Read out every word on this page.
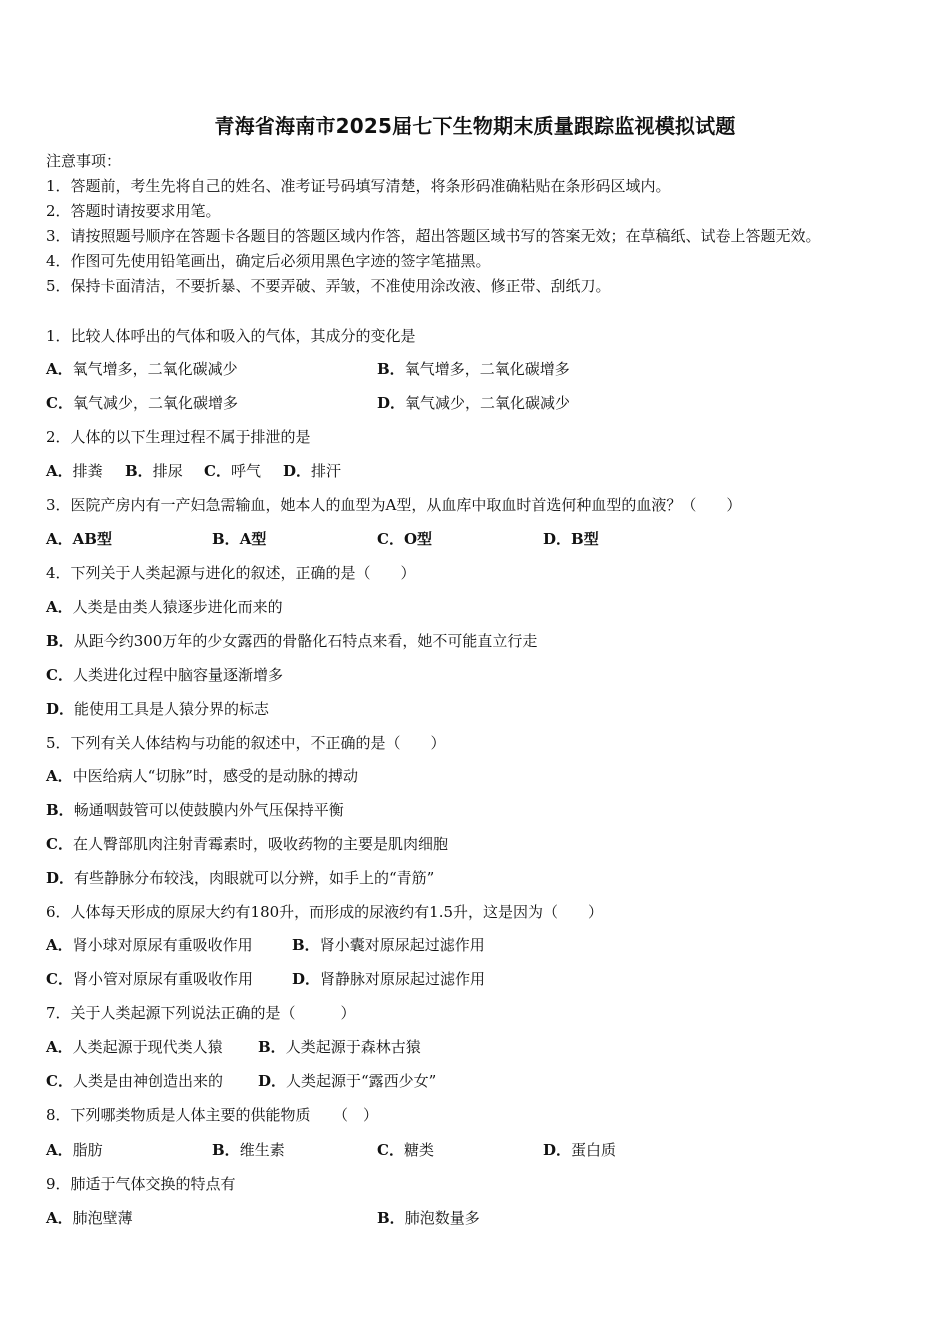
青海省海南市2025届七下生物期末质量跟踪监视模拟试题
注意事项：
1．答题前，考生先将自己的姓名、准考证号码填写清楚，将条形码准确粘贴在条形码区域内。
2．答题时请按要求用笔。
3．请按照题号顺序在答题卡各题目的答题区域内作答，超出答题区域书写的答案无效；在草稿纸、试卷上答题无效。
4．作图可先使用铅笔画出，确定后必须用黑色字迹的签字笔描黑。
5．保持卡面清洁，不要折暴、不要弄破、弄皱，不准使用涂改液、修正带、刮纸刀。
1．比较人体呼出的气体和吸入的气体，其成分的变化是
A．氧气增多，二氧化碳减少	B．氧气增多，二氧化碳增多
C．氧气减少，二氧化碳增多	D．氧气减少，二氧化碳减少
2．人体的以下生理过程不属于排泄的是
A．排粪 B．排尿 C．呼气 D．排汗
3．医院产房内有一产妇急需输血，她本人的血型为A型，从血库中取血时首选何种血型的血液？（　　）
A．AB型	B．A型	C．O型	D．B型
4．下列关于人类起源与进化的叙述，正确的是（　　）
A．人类是由类人猿逐步进化而来的
B．从距今约300万年的少女露西的骨骼化石特点来看，她不可能直立行走
C．人类进化过程中脑容量逐渐增多
D．能使用工具是人猿分界的标志
5．下列有关人体结构与功能的叙述中，不正确的是（　　）
A．中医给病人“切脉”时，感受的是动脉的搏动
B．畅通咽鼓管可以使鼓膜内外气压保持平衡
C．在人臀部肌肉注射青霉素时，吸收药物的主要是肌肉细胞
D．有些静脉分布较浅，肉眼就可以分辨，如手上的“青筋”
6．人体每天形成的原尿大约有180升，而形成的尿液约有1.5升，这是因为（　　）
A．肾小球对原尿有重吸收作用	B．肾小囊对原尿起过滤作用
C．肾小管对原尿有重吸收作用	D．肾静脉对原尿起过滤作用
7．关于人类起源下列说法正确的是（　　　）
A．人类起源于现代类人猿 B．人类起源于森林古猿
C．人类是由神创造出来的 D．人类起源于“露西少女”
8．下列哪类物质是人体主要的供能物质　　（　）
A．脂肪	B．维生素	C．糖类	D．蛋白质
9．肺适于气体交换的特点有
A．肺泡壁薄	B．肺泡数量多
